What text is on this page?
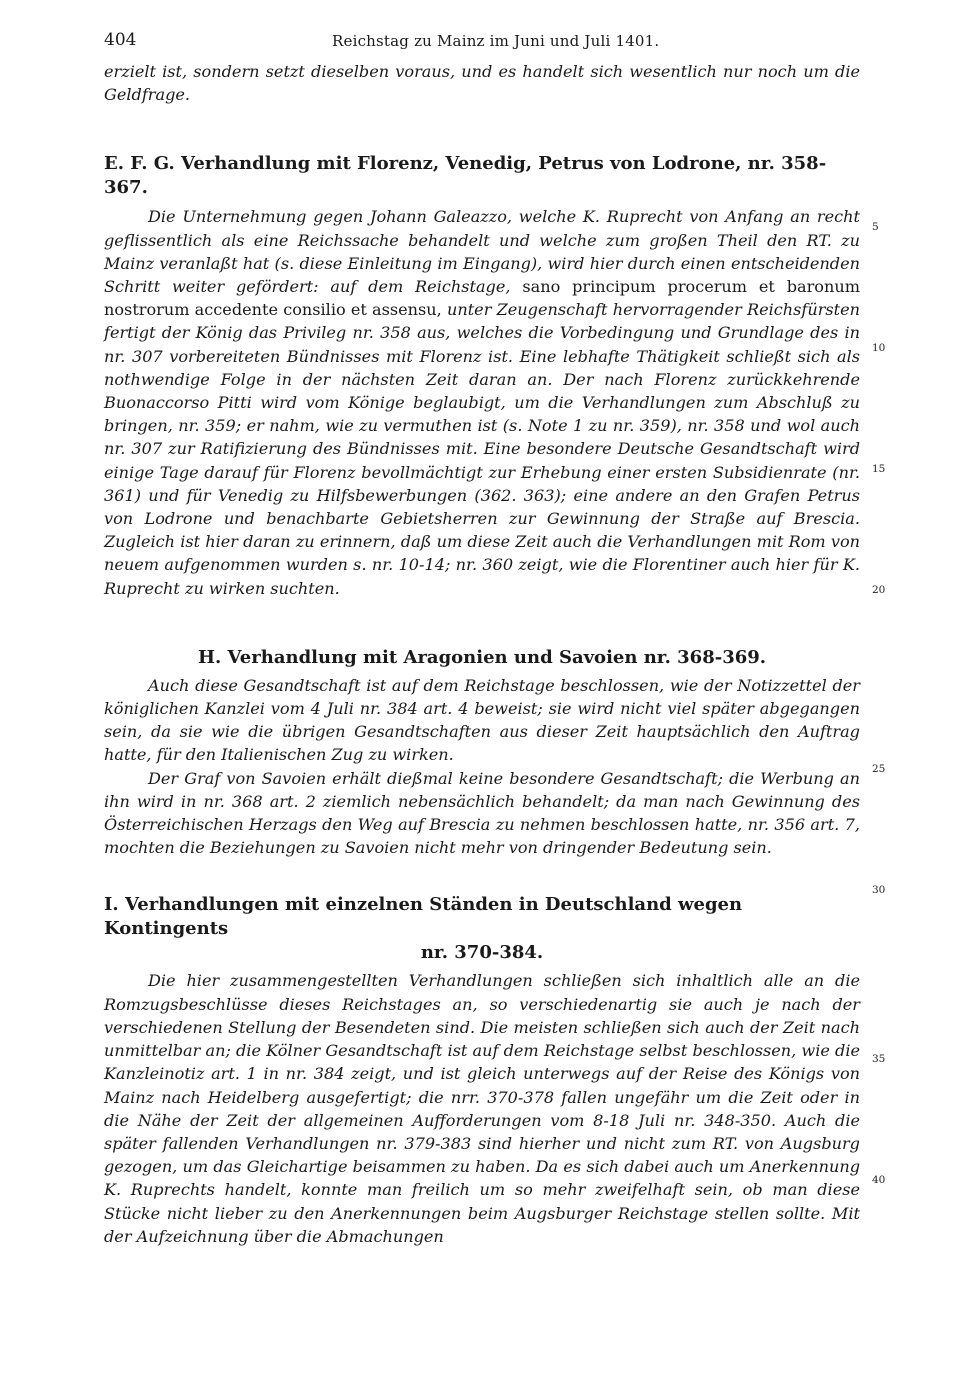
404	Reichstag zu Mainz im Juni und Juli 1401.

erzielt ist, sondern setzt dieselben voraus, und es handelt sich wesentlich nur noch um die Geldfrage.

E. F. G. Verhandlung mit Florenz, Venedig, Petrus von Lodrone, nr. 358-367.

Die Unternehmung gegen Johann Galeazzo, welche K. Ruprecht von Anfang an recht geflissentlich als eine Reichssache behandelt und welche zum großen Theil den RT. zu Mainz veranlaßt hat (s. diese Einleitung im Eingang), wird hier durch einen entscheidenden Schritt weiter gefördert: auf dem Reichstage, sano principum procerum et baronum nostrorum accedente consilio et assensu, unter Zeugenschaft hervorragender Reichsfürsten fertigt der König das Privileg nr. 358 aus, welches die Vorbedingung und Grundlage des in nr. 307 vorbereiteten Bündnisses mit Florenz ist. Eine lebhafte Thätigkeit schließt sich als nothwendige Folge in der nächsten Zeit daran an. Der nach Florenz zurückkehrende Buonaccorso Pitti wird vom Könige beglaubigt, um die Verhandlungen zum Abschluß zu bringen, nr. 359; er nahm, wie zu vermuthen ist (s. Note 1 zu nr. 359), nr. 358 und wol auch nr. 307 zur Ratifizierung des Bündnisses mit. Eine besondere Deutsche Gesandtschaft wird einige Tage darauf für Florenz bevollmächtigt zur Erhebung einer ersten Subsidienrate (nr. 361) und für Venedig zu Hilfsbewerbungen (362. 363); eine andere an den Grafen Petrus von Lodrone und benachbarte Gebietsherren zur Gewinnung der Straße auf Brescia. Zugleich ist hier daran zu erinnern, daß um diese Zeit auch die Verhandlungen mit Rom von neuem aufgenommen wurden s. nr. 10-14; nr. 360 zeigt, wie die Florentiner auch hier für K. Ruprecht zu wirken suchten.

H. Verhandlung mit Aragonien und Savoien nr. 368-369.

Auch diese Gesandtschaft ist auf dem Reichstage beschlossen, wie der Notizzettel der königlichen Kanzlei vom 4 Juli nr. 384 art. 4 beweist; sie wird nicht viel später abgegangen sein, da sie wie die übrigen Gesandtschaften aus dieser Zeit hauptsächlich den Auftrag hatte, für den Italienischen Zug zu wirken.

Der Graf von Savoien erhält dießmal keine besondere Gesandtschaft; die Werbung an ihn wird in nr. 368 art. 2 ziemlich nebensächlich behandelt; da man nach Gewinnung des Österreichischen Herzags den Weg auf Brescia zu nehmen beschlossen hatte, nr. 356 art. 7, mochten die Beziehungen zu Savoien nicht mehr von dringender Bedeutung sein.

I. Verhandlungen mit einzelnen Ständen in Deutschland wegen Kontingents
nr. 370-384.

Die hier zusammengestellten Verhandlungen schließen sich inhaltlich alle an die Romzugsbeschlüsse dieses Reichstages an, so verschiedenartig sie auch je nach der verschiedenen Stellung der Besendeten sind. Die meisten schließen sich auch der Zeit nach unmittelbar an; die Kölner Gesandtschaft ist auf dem Reichstage selbst beschlossen, wie die Kanzleinotiz art. 1 in nr. 384 zeigt, und ist gleich unterwegs auf der Reise des Königs von Mainz nach Heidelberg ausgefertigt; die nrr. 370-378 fallen ungefähr um die Zeit oder in die Nähe der Zeit der allgemeinen Aufforderungen vom 8-18 Juli nr. 348-350. Auch die später fallenden Verhandlungen nr. 379-383 sind hierher und nicht zum RT. von Augsburg gezogen, um das Gleichartige beisammen zu haben. Da es sich dabei auch um Anerkennung K. Ruprechts handelt, konnte man freilich um so mehr zweifelhaft sein, ob man diese Stücke nicht lieber zu den Anerkennungen beim Augsburger Reichstage stellen sollte. Mit der Aufzeichnung über die Abmachungen

5
10
15
20
25
30
35
40
